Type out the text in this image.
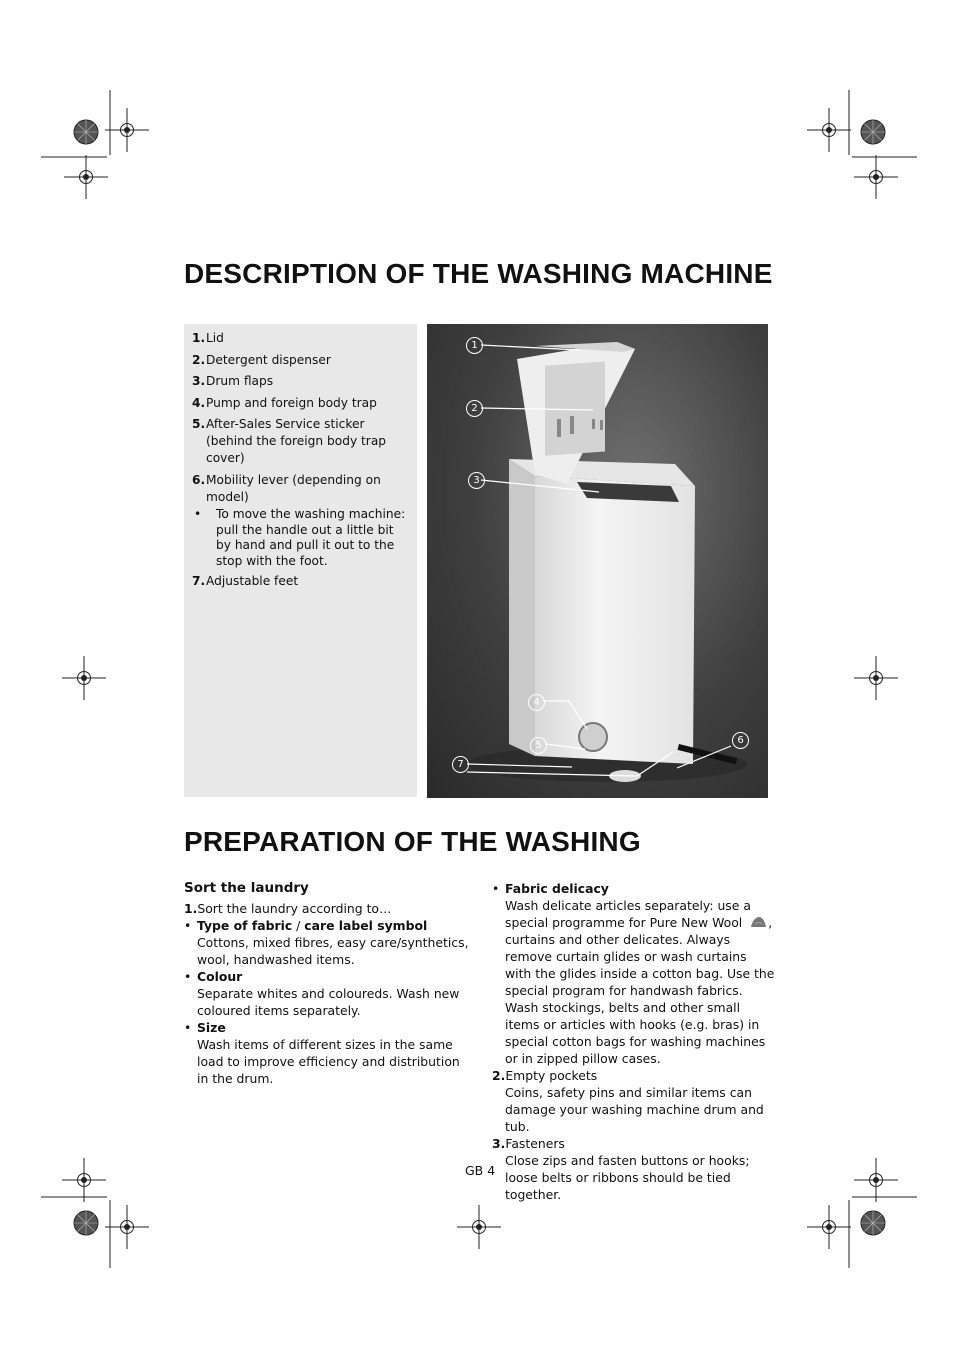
DESCRIPTION OF THE WASHING MACHINE
1. Lid
2. Detergent dispenser
3. Drum flaps
4. Pump and foreign body trap
5. After-Sales Service sticker (behind the foreign body trap cover)
6. Mobility lever (depending on model)
•	To move the washing machine: pull the handle out a little bit by hand and pull it out to the stop with the foot.
7. Adjustable feet
1
2
3
4
5	6
7
PREPARATION OF THE WASHING
Sort the laundry
1. Sort the laundry according to…
• Type of fabric / care label symbol
Cottons, mixed fibres, easy care/synthetics, wool, handwashed items.
• Colour
Separate whites and coloureds. Wash new coloured items separately.
• Size
Wash items of different sizes in the same load to improve efficiency and distribution in the drum.
• Fabric delicacy
Wash delicate articles separately: use a special programme for Pure New Wool , curtains and other delicates. Always remove curtain glides or wash curtains with the glides inside a cotton bag. Use the special program for handwash fabrics. Wash stockings, belts and other small items or articles with hooks (e.g. bras) in special cotton bags for washing machines or in zipped pillow cases.
2. Empty pockets
Coins, safety pins and similar items can damage your washing machine drum and tub.
3. Fasteners
Close zips and fasten buttons or hooks; loose belts or ribbons should be tied together.
GB 4
